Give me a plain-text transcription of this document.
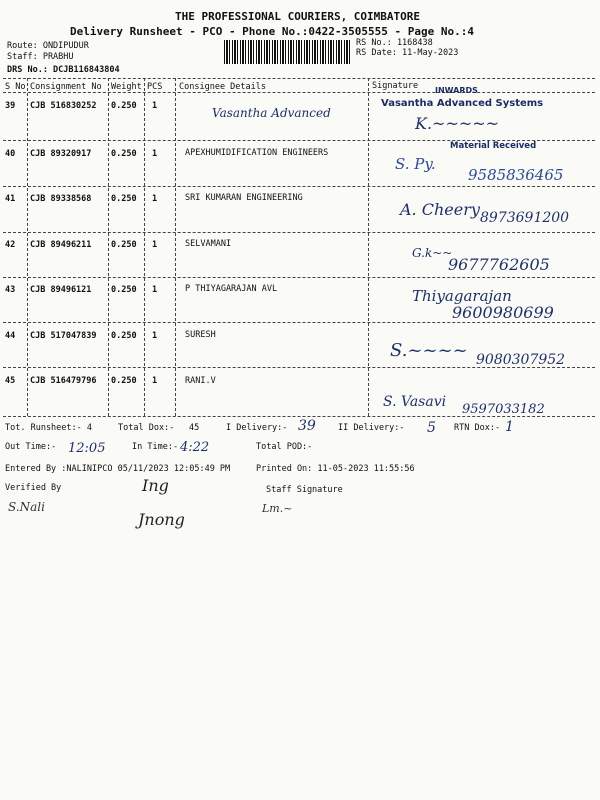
THE PROFESSIONAL COURIERS, COIMBATORE
Delivery Runsheet - PCO - Phone No.:0422-3505555 - Page No.:4
Route: ONDIPUDUR
Staff: PRABHU
DRS No.: DCJB116843804
RS No.: 1168438
RS Date: 11-May-2023
S No Consignment No Weight PCS Consignee Details	Signature
39 CJB 516830252 0.250 1	Vasantha Advanced
INWARDS
Vasantha Advanced Systems
K.~~~~~
40 CJB 89320917 0.250 1	APEXHUMIDIFICATION ENGINEERS
Material Received
S. Py.
9585836465
41 CJB 89338568 0.250 1	SRI KUMARAN ENGINEERING
A. Cheery 8973691200
42 CJB 89496211 0.250 1	SELVAMANI
G.k~~
9677762605
43 CJB 89496121 0.250 1	P THIYAGARAJAN AVL	Thiyagarajan
9600980699
44 CJB 517047839 0.250 1	SURESH
S.~~~~ 9080307952
45 CJB 516479796 0.250 1	RANI.V
S. Vasavi 9597033182
Tot. Runsheet:- 4	Total Dox:- 45	I Delivery:- 39	II Delivery:- 5 RTN Dox:- 1
Out Time:- 12:05	In Time:- 4:22	Total POD:-
Entered By :NALINIPCO 05/11/2023 12:05:49 PM	Printed On: 11-05-2023 11:55:56
Verified By	Staff Signature
S.Nali
Ing
Jnong
Lm.~
